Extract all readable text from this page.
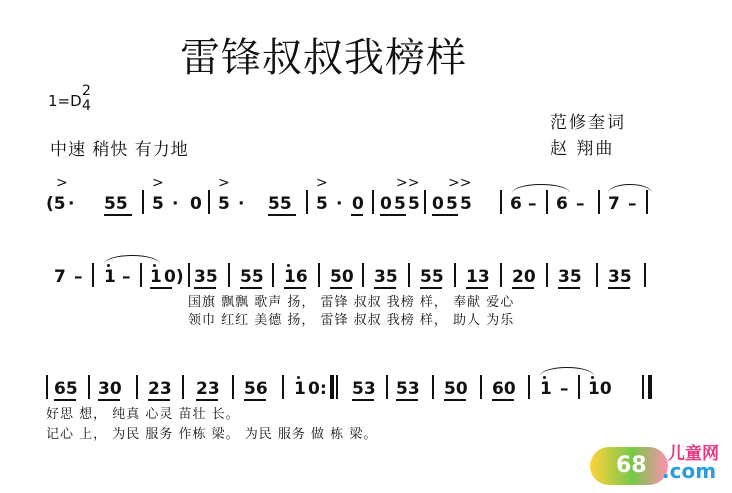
雷锋叔叔我榜样
1=D
2
4
中速 稍快 有力地
范修奎词
赵 翔曲
(5
>
· 55 5
>
· 0 5
>
· 55 5
>
· 0 0 5 5
>>
0 5 5
>>
6 – 6 – 7 –
7 – 1 – 1 0) 35 55 16 50 35 55 13 20 35 35
国旗 飘飘 歌声 扬， 雷锋 叔叔 我榜 样， 奉献 爱心
领巾 红红 美德 扬， 雷锋 叔叔 我榜 样， 助人 为乐
65 30 23 23 56 1 0 : 53 53 50 60 1 – 10
好思 想， 纯真 心灵 苗壮 长。
记心 上， 为民 服务 作栋 梁。 为民 服务 做 栋 梁。
68 儿童网
.com
